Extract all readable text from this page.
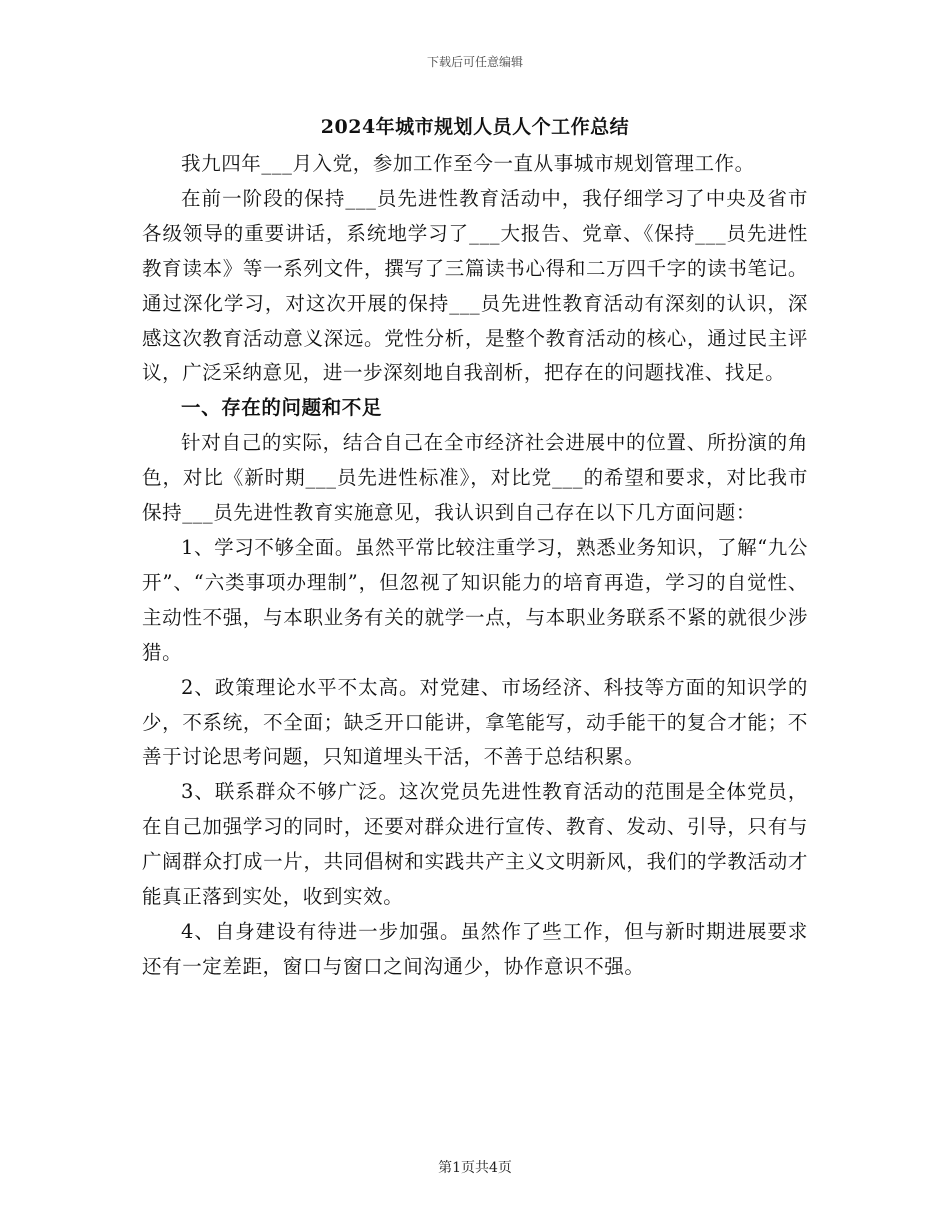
下载后可任意编辑
2024年城市规划人员人个工作总结

我九四年___月入党，参加工作至今一直从事城市规划管理工作。

在前一阶段的保持___员先进性教育活动中，我仔细学习了中央及省市各级领导的重要讲话，系统地学习了___大报告、党章、《保持___员先进性教育读本》等一系列文件，撰写了三篇读书心得和二万四千字的读书笔记。通过深化学习，对这次开展的保持___员先进性教育活动有深刻的认识，深感这次教育活动意义深远。党性分析，是整个教育活动的核心，通过民主评议，广泛采纳意见，进一步深刻地自我剖析，把存在的问题找准、找足。

一、存在的问题和不足

针对自己的实际，结合自己在全市经济社会进展中的位置、所扮演的角色，对比《新时期___员先进性标准》，对比党___的希望和要求，对比我市保持___员先进性教育实施意见，我认识到自己存在以下几方面问题：

1、学习不够全面。虽然平常比较注重学习，熟悉业务知识，了解“九公开”、“六类事项办理制”，但忽视了知识能力的培育再造，学习的自觉性、主动性不强，与本职业务有关的就学一点，与本职业务联系不紧的就很少涉猎。

2、政策理论水平不太高。对党建、市场经济、科技等方面的知识学的少，不系统，不全面；缺乏开口能讲，拿笔能写，动手能干的复合才能；不善于讨论思考问题，只知道埋头干活，不善于总结积累。

3、联系群众不够广泛。这次党员先进性教育活动的范围是全体党员，在自己加强学习的同时，还要对群众进行宣传、教育、发动、引导，只有与广阔群众打成一片，共同倡树和实践共产主义文明新风，我们的学教活动才能真正落到实处，收到实效。

4、自身建设有待进一步加强。虽然作了些工作，但与新时期进展要求还有一定差距，窗口与窗口之间沟通少，协作意识不强。

第1页共4页
